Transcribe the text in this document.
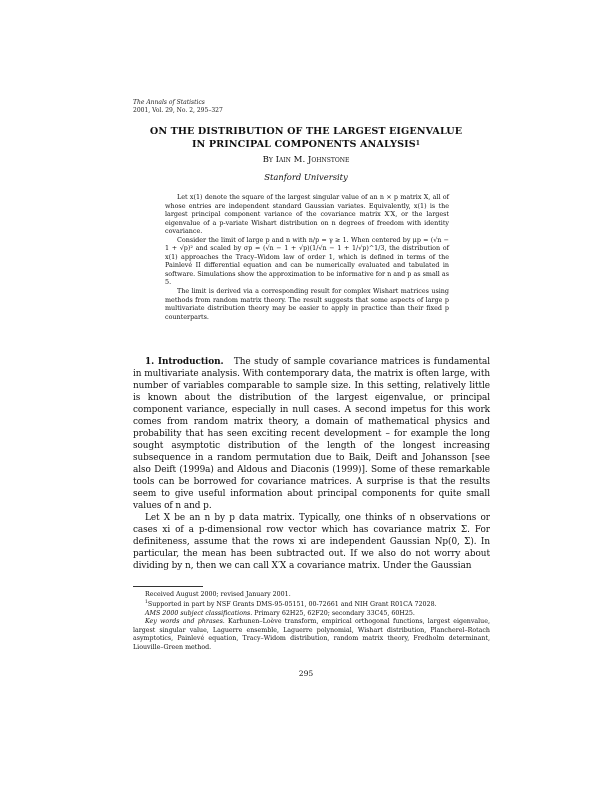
The Annals of Statistics
2001, Vol. 29, No. 2, 295–327
ON THE DISTRIBUTION OF THE LARGEST EIGENVALUE
IN PRINCIPAL COMPONENTS ANALYSIS$^1$
By Iain M. Johnstone
Stanford University

Let x(1) denote the square of the largest singular value of an n × p matrix X, all of whose entries are independent standard Gaussian variates. Equivalently, x(1) is the largest principal component variance of the covariance matrix X′X, or the largest eigenvalue of a p-variate Wishart distribution on n degrees of freedom with identity covariance.

Consider the limit of large p and n with n/p = γ ≥ 1. When centered by μp = (√n − 1 + √p)² and scaled by σp = (√n − 1 + √p)(1/√n − 1 + 1/√p)^1/3, the distribution of x(1) approaches the Tracy–Widom law of order 1, which is defined in terms of the Painlevé II differential equation and can be numerically evaluated and tabulated in software. Simulations show the approximation to be informative for n and p as small as 5.

The limit is derived via a corresponding result for complex Wishart matrices using methods from random matrix theory. The result suggests that some aspects of large p multivariate distribution theory may be easier to apply in practice than their fixed p counterparts.

1. Introduction. The study of sample covariance matrices is fundamental in multivariate analysis. With contemporary data, the matrix is often large, with number of variables comparable to sample size. In this setting, relatively little is known about the distribution of the largest eigenvalue, or principal component variance, especially in null cases. A second impetus for this work comes from random matrix theory, a domain of mathematical physics and probability that has seen exciting recent development – for example the long sought asymptotic distribution of the length of the longest increasing subsequence in a random permutation due to Baik, Deift and Johansson [see also Deift (1999a) and Aldous and Diaconis (1999)]. Some of these remarkable tools can be borrowed for covariance matrices. A surprise is that the results seem to give useful information about principal components for quite small values of n and p.

Let X be an n by p data matrix. Typically, one thinks of n observations or cases xi of a p-dimensional row vector which has covariance matrix Σ. For definiteness, assume that the rows xi are independent Gaussian Np(0, Σ). In particular, the mean has been subtracted out. If we also do not worry about dividing by n, then we can call X′X a covariance matrix. Under the Gaussian

Received August 2000; revised January 2001.

$^1$Supported in part by NSF Grants DMS-95-05151, 00-72661 and NIH Grant R01CA 72028.

AMS 2000 subject classifications. Primary 62H25, 62F20; secondary 33C45, 60H25.

Key words and phrases. Karhunen–Loève transform, empirical orthogonal functions, largest eigenvalue, largest singular value, Laguerre ensemble, Laguerre polynomial, Wishart distribution, Plancherel–Rotach asymptotics, Painlevé equation, Tracy–Widom distribution, random matrix theory, Fredholm determinant, Liouville–Green method.

295
